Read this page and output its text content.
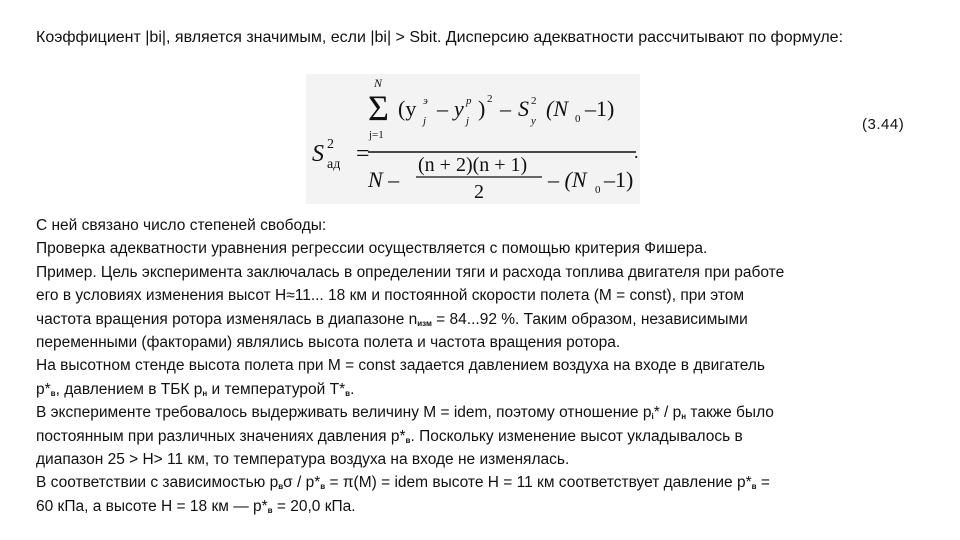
Коэффициент |bi|, является значимым, если |bi| > Sbit. Дисперсию адекватности рассчитывают по формуле:
S 2
ад =
N
Σ
j=1
(y э
j – y р
j ) 2 – S 2
y (N 0 –1)
.
N –
(n + 2)(n + 1)
2	– (N 0 –1)
(3.44)

С ней связано число степеней свободы:

Проверка адекватности уравнения регрессии осуществляется с помощью критерия Фишера.

Пример. Цель эксперимента заключалась в определении тяги и расхода топлива двигателя при работе

его в условиях изменения высот H≈11... 18 км и постоянной скорости полета (М = const), при этом

частота вращения ротора изменялась в диапазоне $n_{изм} = 84...92$ %. Таким образом, независимыми

переменными (факторами) являлись высота полета и частота вращения ротора.

На высотном стенде высота полета при М = const задается давлением воздуха на входе в двигатель

$р*_в$, давлением в ТБК $р_н$ и температурой $Т*_в$.

В эксперименте требовалось выдерживать величину М = idem, поэтому отношение $р_i* / р_н$ также было

постоянным при различных значениях давления $р*_в$. Поскольку изменение высот укладывалось в

диапазон 25 > Н> 11 км, то температура воздуха на входе не изменялась.

В соответствии с зависимостью $р_в\sigma / р*_в = \pi(М)$ = idem высоте Н = 11 км соответствует давление $р*_в$ =

60 кПа, а высоте Н = 18 км — $р*_в = 20,0$ кПа.
